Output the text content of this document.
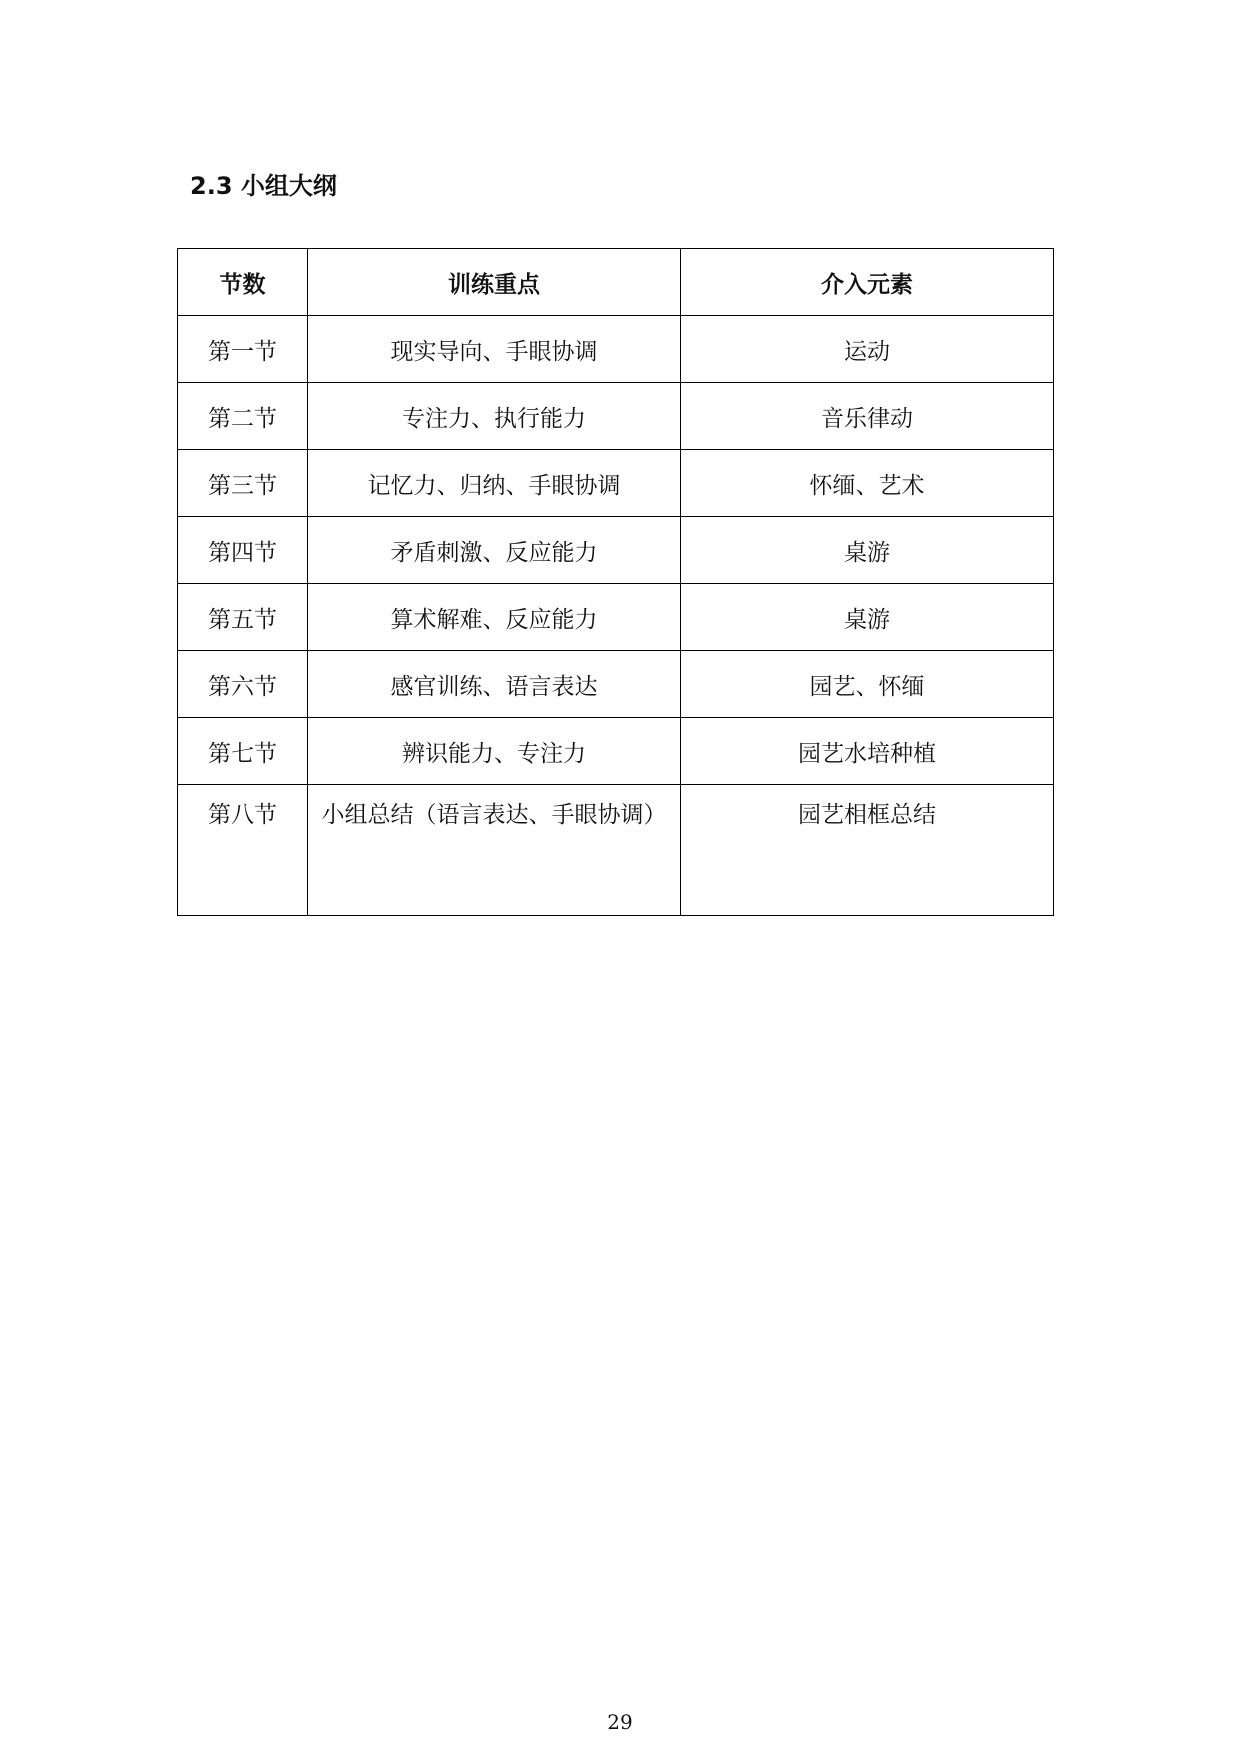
2.3 小组大纲
节数	训练重点	介入元素
第一节	现实导向、手眼协调	运动
第二节	专注力、执行能力	音乐律动
第三节	记忆力、归纳、手眼协调	怀缅、艺术
第四节	矛盾刺激、反应能力	桌游
第五节	算术解难、反应能力	桌游
第六节	感官训练、语言表达	园艺、怀缅
第七节	辨识能力、专注力	园艺水培种植

第八节	小组总结（语言表达、手眼协调）	园艺相框总结
29
